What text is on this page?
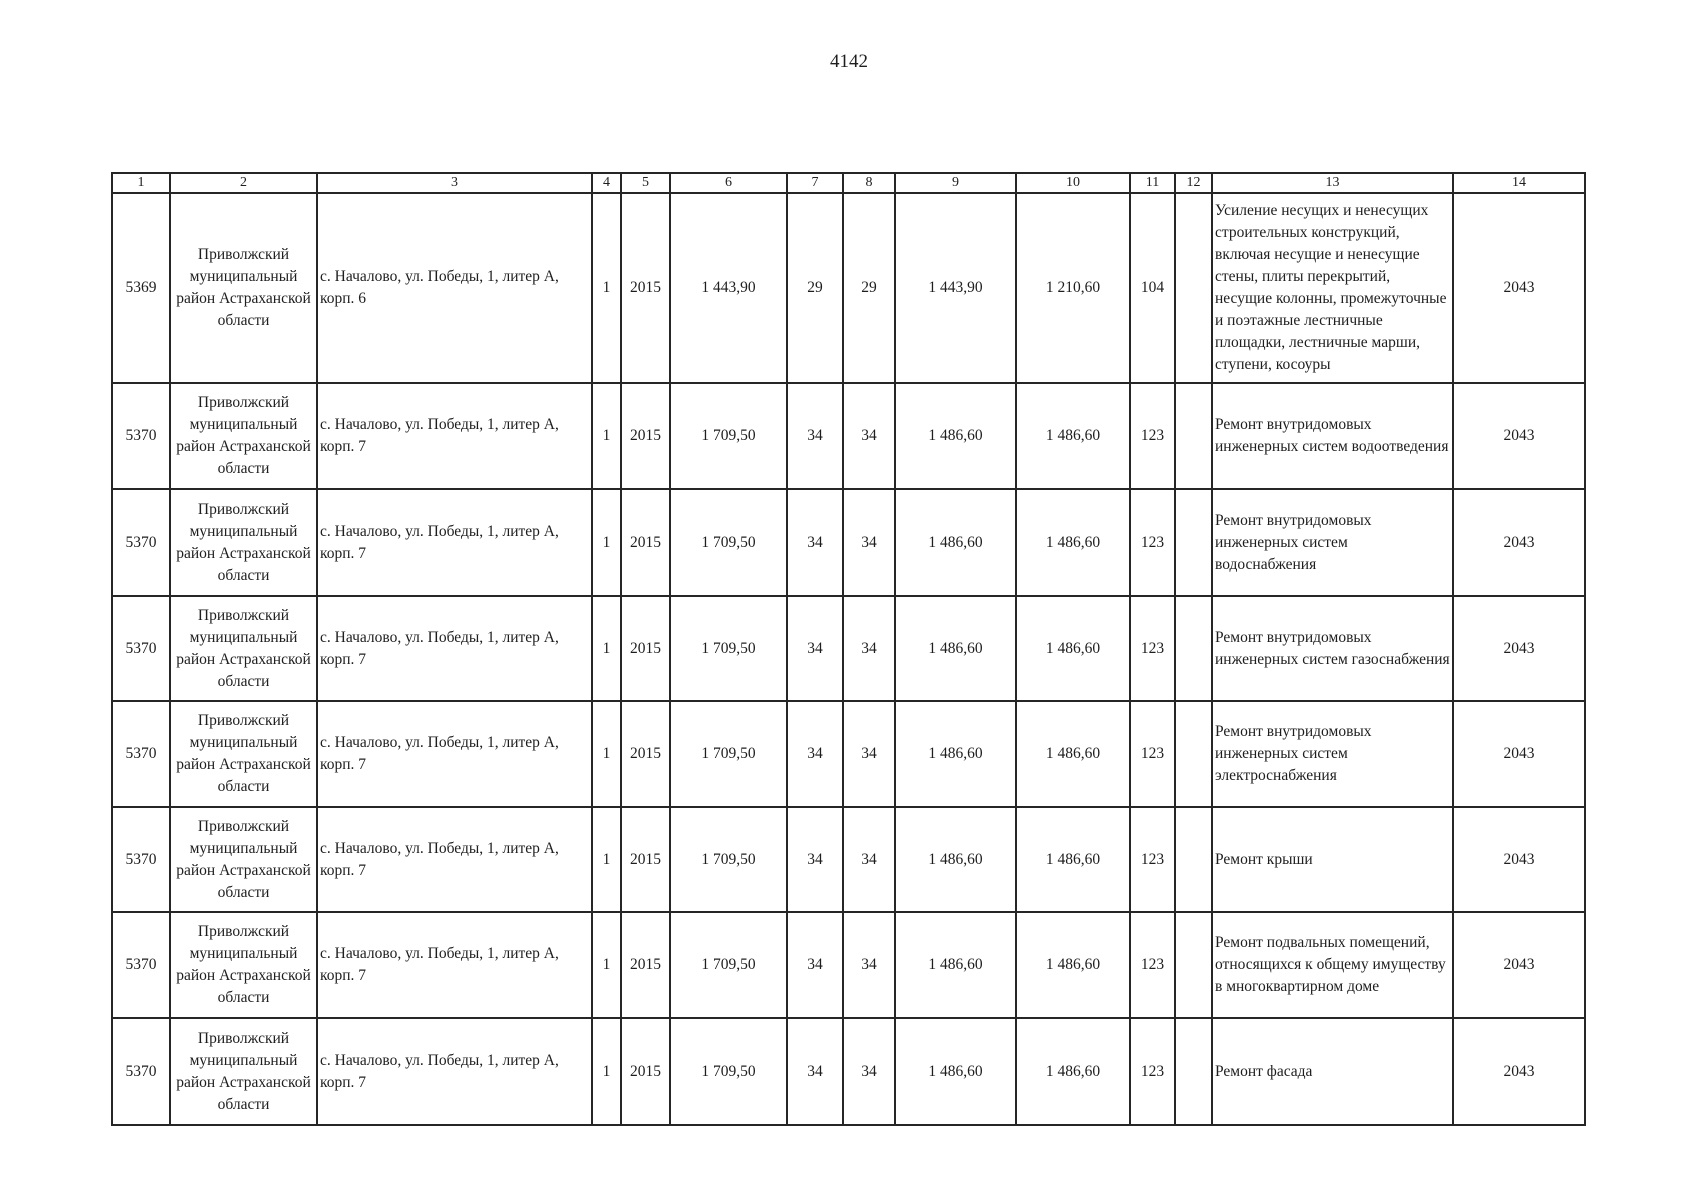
4142
1	2	3	4	5	6	7	8	9	10	11	12	13	14

5369	Приволжский муниципальный район Астраханской области	с. Началово, ул. Победы, 1, литер А, корп. 6	1	2015	1 443,90	29	29	1 443,90	1 210,60	104		Усиление несущих и ненесущих строительных конструкций, включая несущие и ненесущие стены, плиты перекрытий, несущие колонны, промежуточные и поэтажные лестничные площадки, лестничные марши, ступени, косоуры	2043

5370	Приволжский муниципальный район Астраханской области	с. Началово, ул. Победы, 1, литер А, корп. 7	1	2015	1 709,50	34	34	1 486,60	1 486,60	123		Ремонт внутридомовых инженерных систем водоотведения	2043

5370	Приволжский муниципальный район Астраханской области	с. Началово, ул. Победы, 1, литер А, корп. 7	1	2015	1 709,50	34	34	1 486,60	1 486,60	123		Ремонт внутридомовых инженерных систем водоснабжения	2043

5370	Приволжский муниципальный район Астраханской области	с. Началово, ул. Победы, 1, литер А, корп. 7	1	2015	1 709,50	34	34	1 486,60	1 486,60	123		Ремонт внутридомовых инженерных систем газоснабжения	2043

5370	Приволжский муниципальный район Астраханской области	с. Началово, ул. Победы, 1, литер А, корп. 7	1	2015	1 709,50	34	34	1 486,60	1 486,60	123		Ремонт внутридомовых инженерных систем электроснабжения	2043

5370	Приволжский муниципальный район Астраханской области	с. Началово, ул. Победы, 1, литер А, корп. 7	1	2015	1 709,50	34	34	1 486,60	1 486,60	123		Ремонт крыши	2043

5370	Приволжский муниципальный район Астраханской области	с. Началово, ул. Победы, 1, литер А, корп. 7	1	2015	1 709,50	34	34	1 486,60	1 486,60	123		Ремонт подвальных помещений, относящихся к общему имуществу в многоквартирном доме	2043

5370	Приволжский муниципальный район Астраханской области	с. Началово, ул. Победы, 1, литер А, корп. 7	1	2015	1 709,50	34	34	1 486,60	1 486,60	123		Ремонт фасада	2043
